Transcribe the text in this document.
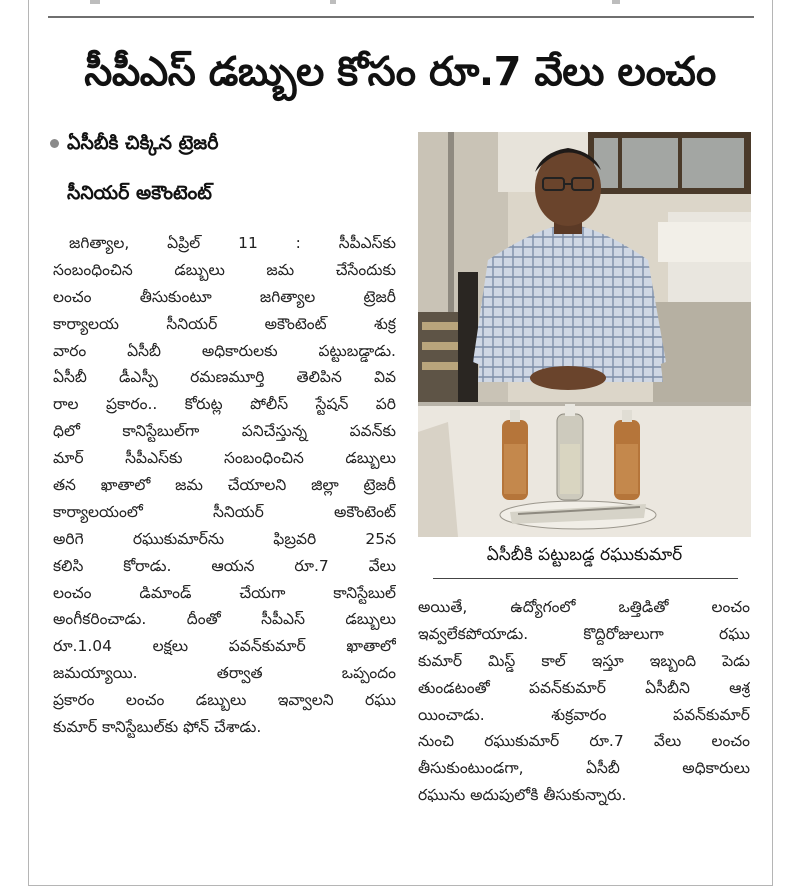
సీపీఎస్ డబ్బుల కోసం రూ.7 వేలు లంచం

ఏసీబీకి చిక్కిన ట్రెజరీ

సీనియర్ అకౌంటెంట్

జగిత్యాల, ఏప్రిల్ 11 : సీపీఎస్‌కు
సంబంధించిన డబ్బులు జమ చేసేందుకు
లంచం తీసుకుంటూ జగిత్యాల ట్రెజరీ
కార్యాలయ సీనియర్ అకౌంటెంట్ శుక్ర
వారం ఏసీబీ అధికారులకు పట్టుబడ్డాడు.
ఏసీబీ డీఎస్పీ రమణమూర్తి తెలిపిన వివ
రాల ప్రకారం.. కోరుట్ల పోలీస్ స్టేషన్ పరి
ధిలో కానిస్టేబుల్‌గా పనిచేస్తున్న పవన్‌కు
మార్ సీపీఎస్‌కు సంబంధించిన డబ్బులు
తన ఖాతాలో జమ చేయాలని జిల్లా ట్రెజరీ
కార్యాలయంలో సీనియర్ అకౌంటెంట్
అరిగె రఘుకుమార్‌ను ఫిబ్రవరి 25న
కలిసి కోరాడు. ఆయన రూ.7 వేలు
లంచం డిమాండ్ చేయగా కానిస్టేబుల్
అంగీకరించాడు. దీంతో సీపీఎస్ డబ్బులు
రూ.1.04 లక్షలు పవన్‌కుమార్ ఖాతాలో
జమయ్యాయి. తర్వాత ఒప్పందం
ప్రకారం లంచం డబ్బులు ఇవ్వాలని రఘు
కుమార్ కానిస్టేబుల్‌కు ఫోన్ చేశాడు.

ఏసీబీకి పట్టుబడ్డ రఘుకుమార్

అయితే, ఉద్యోగంలో ఒత్తిడితో లంచం
ఇవ్వలేకపోయాడు. కొద్దిరోజులుగా రఘు
కుమార్ మిస్డ్ కాల్ ఇస్తూ ఇబ్బంది పెడు
తుండటంతో పవన్‌కుమార్ ఏసీబీని ఆశ్ర
యించాడు. శుక్రవారం పవన్‌కుమార్
నుంచి రఘుకుమార్ రూ.7 వేలు లంచం
తీసుకుంటుండగా, ఏసీబీ అధికారులు
రఘును అదుపులోకి తీసుకున్నారు.
